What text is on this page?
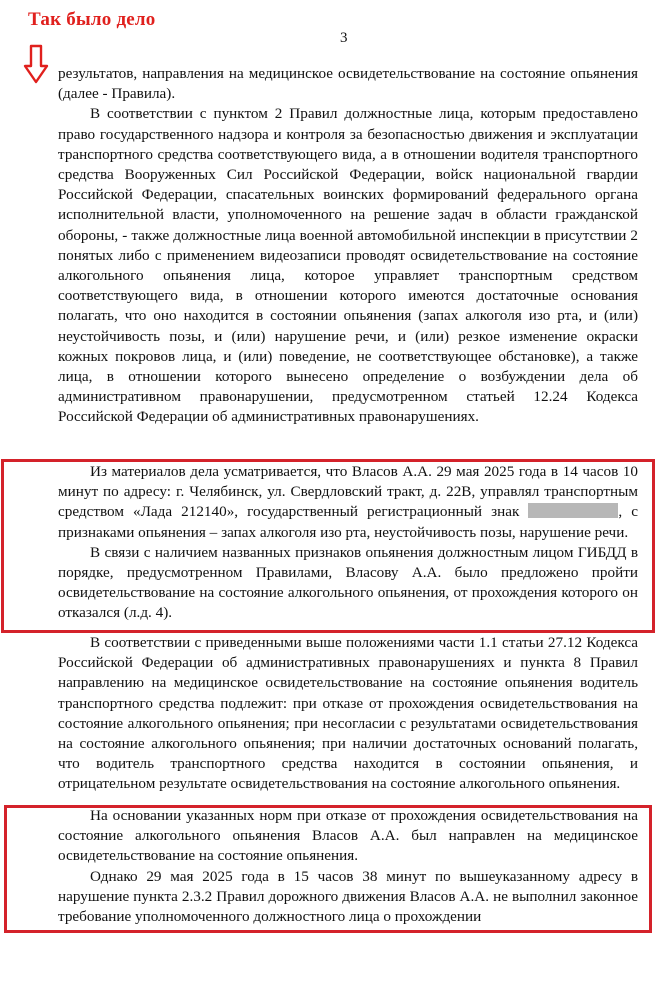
Так было дело
3

результатов, направления на медицинское освидетельствование на состояние опьянения (далее - Правила).

В соответствии с пунктом 2 Правил должностные лица, которым предоставлено право государственного надзора и контроля за безопасностью движения и эксплуатации транспортного средства соответствующего вида, а в отношении водителя транспортного средства Вооруженных Сил Российской Федерации, войск национальной гвардии Российской Федерации, спасательных воинских формирований федерального органа исполнительной власти, уполномоченного на решение задач в области гражданской обороны, - также должностные лица военной автомобильной инспекции в присутствии 2 понятых либо с применением видеозаписи проводят освидетельствование на состояние алкогольного опьянения лица, которое управляет транспортным средством соответствующего вида, в отношении которого имеются достаточные основания полагать, что оно находится в состоянии опьянения (запах алкоголя изо рта, и (или) неустойчивость позы, и (или) нарушение речи, и (или) резкое изменение окраски кожных покровов лица, и (или) поведение, не соответствующее обстановке), а также лица, в отношении которого вынесено определение о возбуждении дела об административном правонарушении, предусмотренном статьей 12.24 Кодекса Российской Федерации об административных правонарушениях.

Из материалов дела усматривается, что Власов А.А. 29 мая 2025 года в 14 часов 10 минут по адресу: г. Челябинск, ул. Свердловский тракт, д. 22В, управлял транспортным средством «Лада 212140», государственный регистрационный знак	, с признаками опьянения – запах алкоголя изо рта, неустойчивость позы, нарушение речи.

В связи с наличием названных признаков опьянения должностным лицом ГИБДД в порядке, предусмотренном Правилами, Власову А.А. было предложено пройти освидетельствование на состояние алкогольного опьянения, от прохождения которого он отказался (л.д. 4).

В соответствии с приведенными выше положениями части 1.1 статьи 27.12 Кодекса Российской Федерации об административных правонарушениях и пункта 8 Правил направлению на медицинское освидетельствование на состояние опьянения водитель транспортного средства подлежит: при отказе от прохождения освидетельствования на состояние алкогольного опьянения; при несогласии с результатами освидетельствования на состояние алкогольного опьянения; при наличии достаточных оснований полагать, что водитель транспортного средства находится в состоянии опьянения, и отрицательном результате освидетельствования на состояние алкогольного опьянения.

На основании указанных норм при отказе от прохождения освидетельствования на состояние алкогольного опьянения Власов А.А. был направлен на медицинское освидетельствование на состояние опьянения.

Однако 29 мая 2025 года в 15 часов 38 минут по вышеуказанному адресу в нарушение пункта 2.3.2 Правил дорожного движения Власов А.А. не выполнил законное требование уполномоченного должностного лица о прохождении
